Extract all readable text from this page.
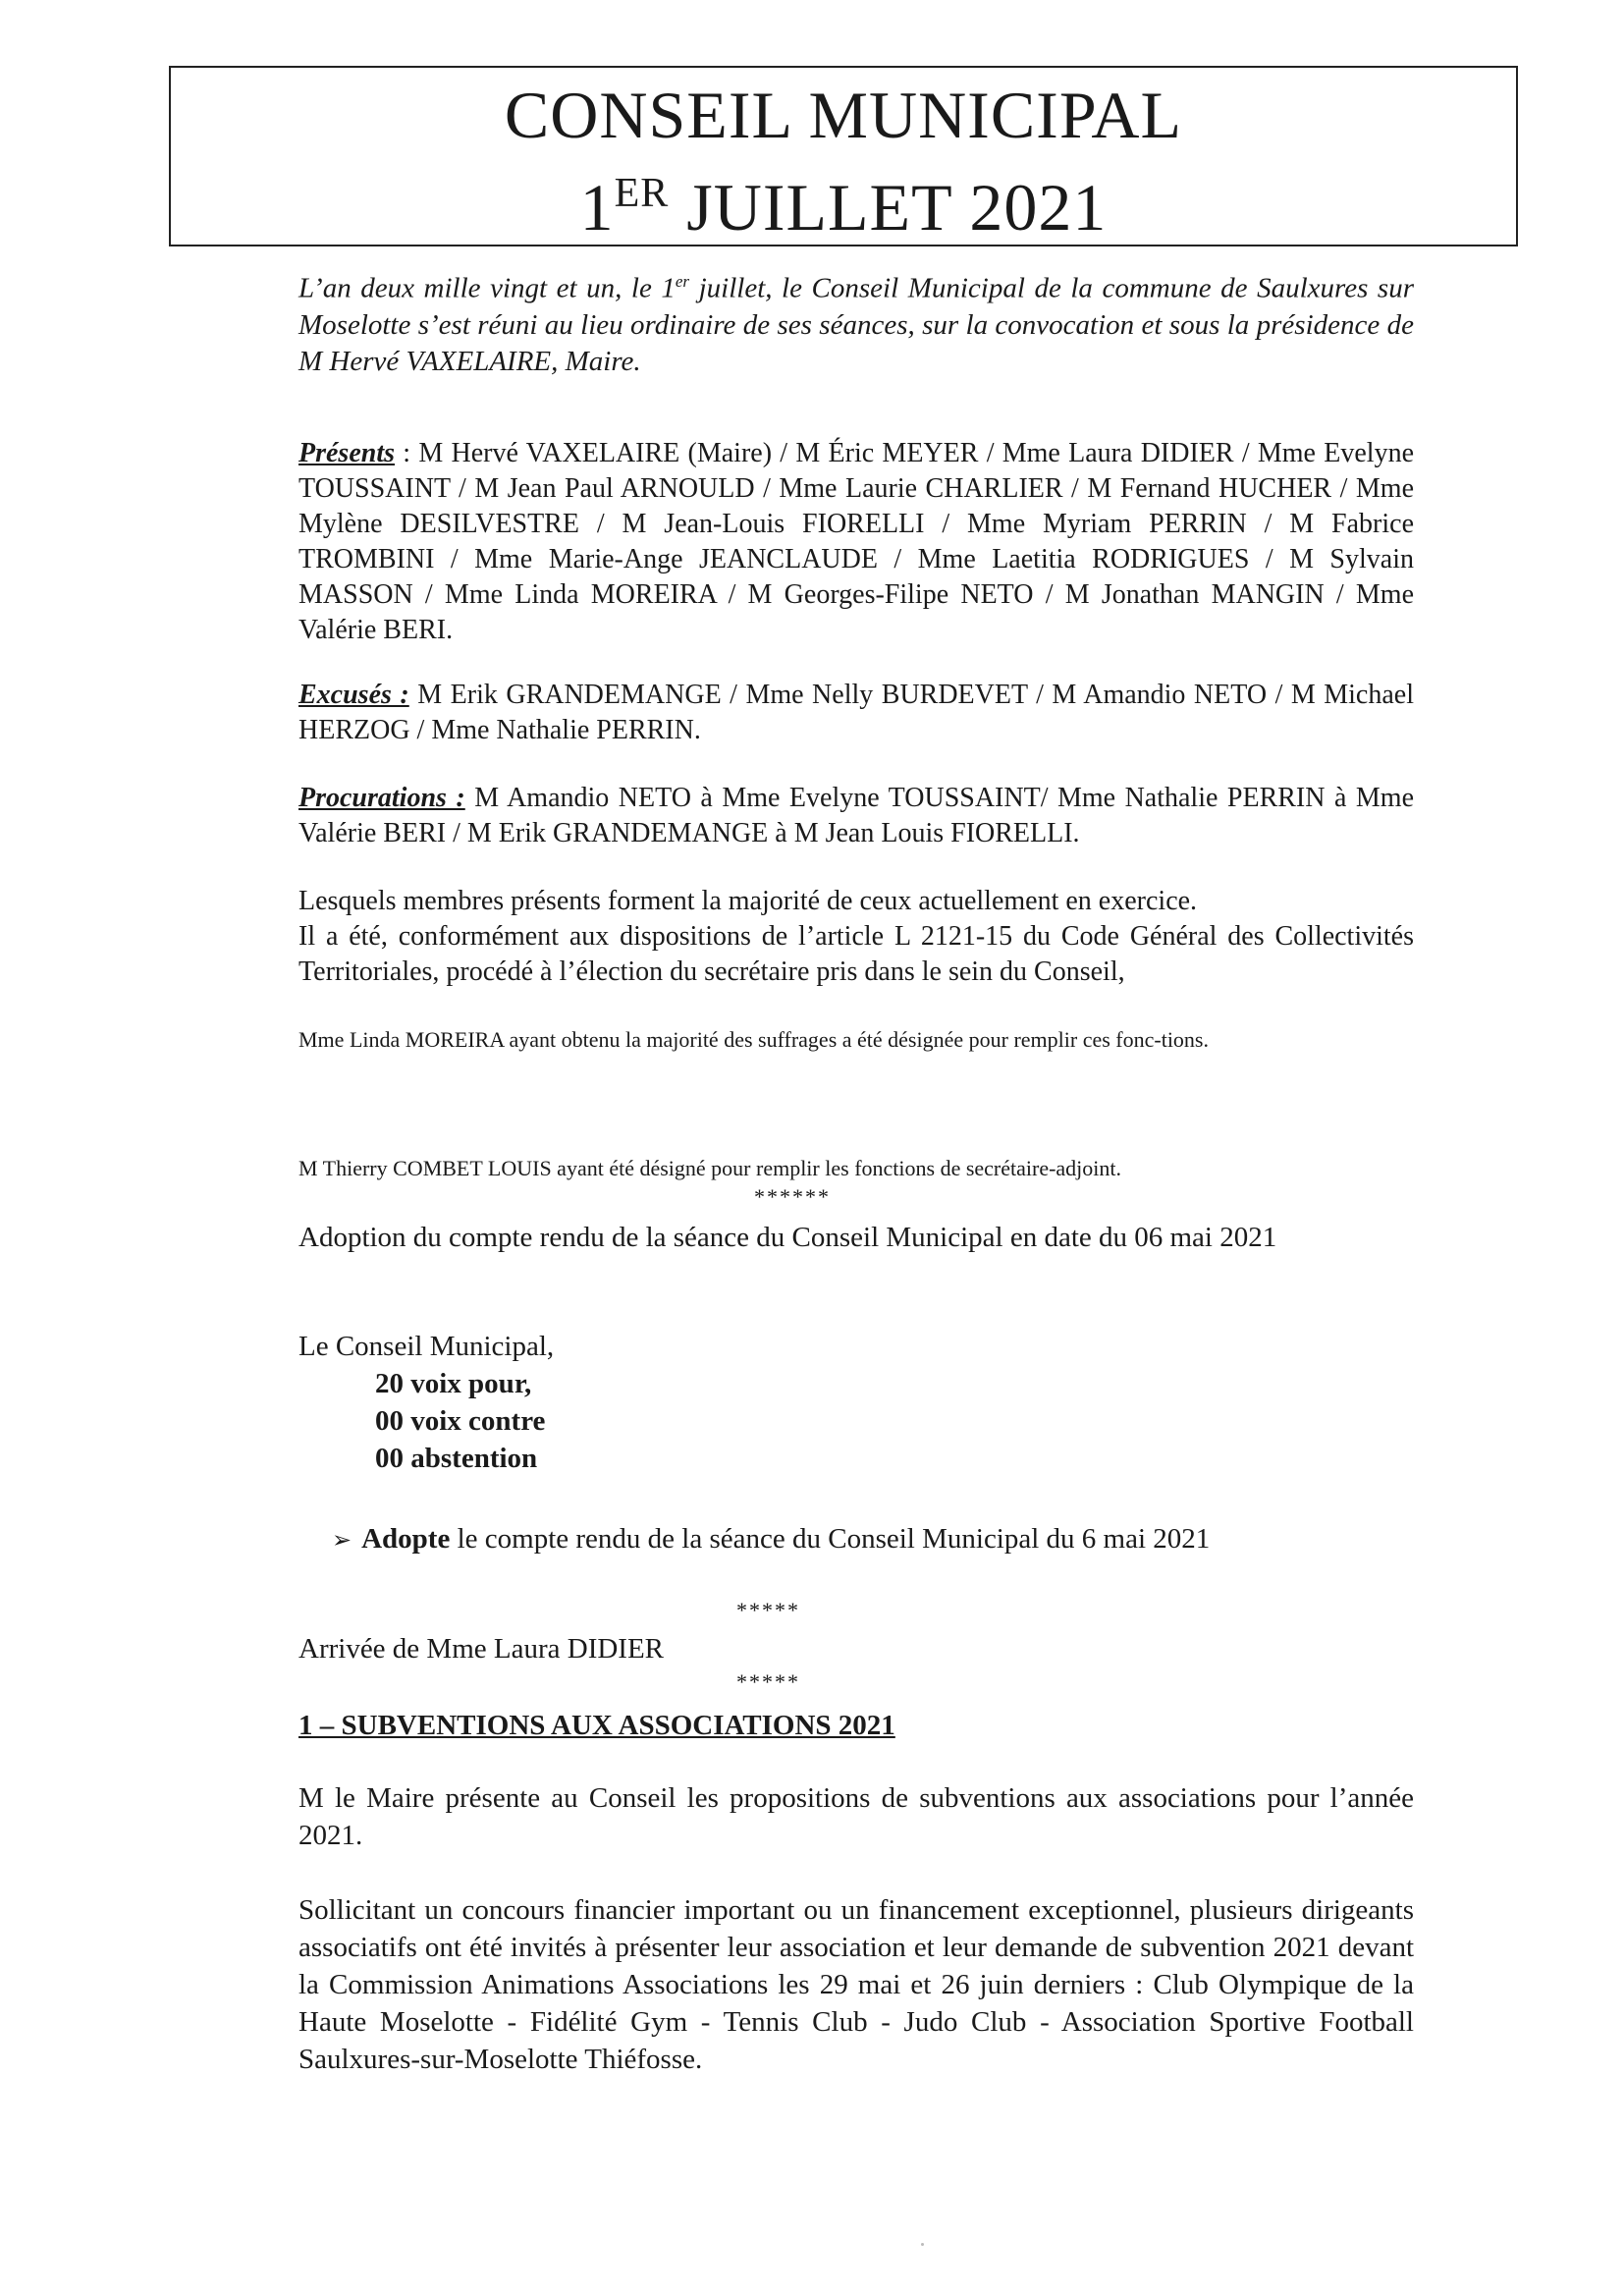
CONSEIL MUNICIPAL
1ER JUILLET 2021
L’an deux mille vingt et un, le 1er juillet, le Conseil Municipal de la commune de Saulxures sur Moselotte s’est réuni au lieu ordinaire de ses séances, sur la convocation et sous la présidence de M Hervé VAXELAIRE, Maire.
Présents : M Hervé VAXELAIRE (Maire) / M Éric MEYER / Mme Laura DIDIER / Mme Evelyne TOUSSAINT / M Jean Paul ARNOULD / Mme Laurie CHARLIER / M Fernand HUCHER / Mme Mylène DESILVESTRE / M Jean-Louis FIORELLI / Mme Myriam PERRIN / M Fabrice TROMBINI / Mme Marie-Ange JEANCLAUDE / Mme Laetitia RODRIGUES / M Sylvain MASSON / Mme Linda MOREIRA / M Georges-Filipe NETO / M Jonathan MANGIN / Mme Valérie BERI.
Excusés : M Erik GRANDEMANGE / Mme Nelly BURDEVET / M Amandio NETO / M Michael HERZOG / Mme Nathalie PERRIN.
Procurations : M Amandio NETO à Mme Evelyne TOUSSAINT/ Mme Nathalie PERRIN à Mme Valérie BERI / M Erik GRANDEMANGE à M Jean Louis FIORELLI.
Lesquels membres présents forment la majorité de ceux actuellement en exercice.
Il a été, conformément aux dispositions de l’article L 2121-15 du Code Général des Collectivités Territoriales, procédé à l’élection du secrétaire pris dans le sein du Conseil,
Mme Linda MOREIRA ayant obtenu la majorité des suffrages a été désignée pour remplir ces fonc-tions.
M Thierry COMBET LOUIS ayant été désigné pour remplir les fonctions de secrétaire-adjoint.
******
Adoption du compte rendu de la séance du Conseil Municipal en date du 06 mai 2021
Le Conseil Municipal,
20 voix pour,
00 voix contre
00 abstention
➢ Adopte le compte rendu de la séance du Conseil Municipal du 6 mai 2021
*****
Arrivée de Mme Laura DIDIER
*****
1 – SUBVENTIONS AUX ASSOCIATIONS 2021
M le Maire présente au Conseil les propositions de subventions aux associations pour l’année 2021.
Sollicitant un concours financier important ou un financement exceptionnel, plusieurs dirigeants associatifs ont été invités à présenter leur association et leur demande de subvention 2021 devant la Commission Animations Associations les 29 mai et 26 juin derniers : Club Olympique de la Haute Moselotte - Fidélité Gym - Tennis Club - Judo Club - Association Sportive Football Saulxures-sur-Moselotte Thiéfosse.
